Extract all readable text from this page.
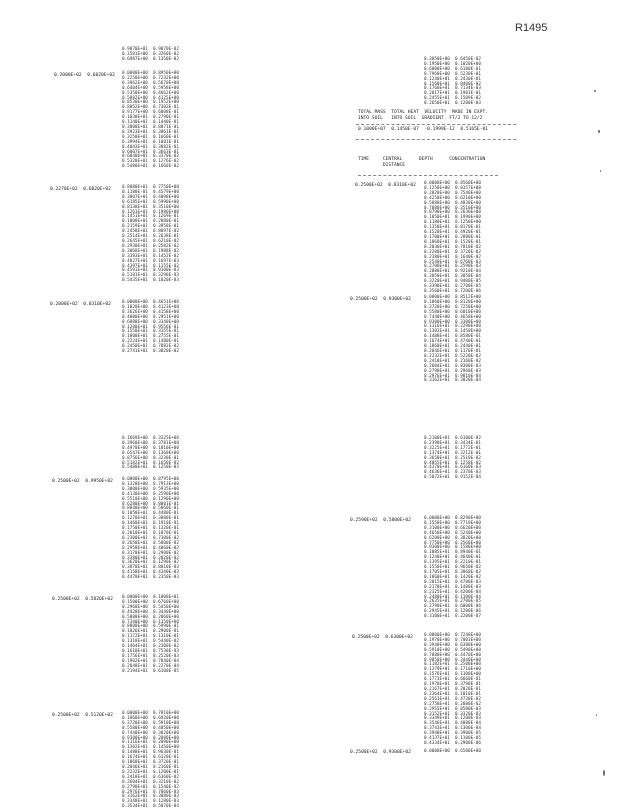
R1495
TOTAL MASS  TOTAL HEAT  VELOCITY  MADE IN EXPT.
INTO SOIL   INTO SOIL  GRADIENT  FT/2 TO 12/2
0.1000E+07  0.1450E-07  -0.1999E-12  0.5165E-01
TIME     CENTRAL      DEPTH      CONCENTRATION
DISTANCE
0.9870E+01  0.9070E-02
0.3501E+00  0.3260E-02
0.6987E+00  0.1350E-02
0.2000E+02  0.6020E+02 0.0000E+00  0.8950E+00
0.2250E+00  0.7232E+00
0.3962E+00  0.5670E+00
0.6404E+00  0.5958E+00
0.5358E+00  0.4662E+00
0.5882E+00  0.4125E+00
0.8530E+00  0.1952E+00
0.8852E+00  0.7302E-01
0.9177E+00  0.6008E-01
0.1030E+01  0.2790E-01
0.1140E+01  0.1440E-01
0.3800E+01  0.8071E-01
0.3923E+01  0.3861E-01
0.3250E+01  0.1660E-01
0.3994E+01  0.1081E-01
0.4043E+01  0.3882E-01
0.6007E+01  0.3663E-01
0.6040E+01  0.3370E-02
0.5320E+01  0.1276E-02
0.5480E+01  0.1660E-02
0.2270E+02  0.6020E+02	0.8880E+01  0.7750E+00
0.1180E-01  0.4579E+00
0.3807E+01  0.4098E+00
0.6185E+01  0.5990E+00
0.8138E+01  0.3510E+00
0.1261E+01  0.1980E+00
0.1451E+01  0.1269E-01
0.1808E+01  0.2880E-01
0.2159E+01  0.3958E-01
0.2458E+01  0.8097E-02
0.2514E+01  0.2638E-01
0.2645E+01  0.6210E-02
0.2930E+01  0.2582E-02
0.3068E+01  0.1988E-02
0.3383E+01  0.1452E-02
0.4027E+01  0.1697E-03
0.4397E+01  0.1155E-02
0.4591E+01  0.9100E-03
0.5181E+01  0.3290E-03
0.5435E+01  0.1020E-03
0.2000E+02  0.8310E+02	0.0000E+00  0.4651E+00
0.1820E+00  0.4123E+00
0.3626E+00  0.4158E+00
0.4080E+00  0.2951E+00
0.6888E+00  0.3340E+00
0.1200E+01  0.9556E-01
0.1550E+01  0.3355E-01
0.1800E+01  0.2755E-01
0.2224E+01  0.1480E-01
0.2450E+01  0.7882E-02
0.2741E+01  0.3020E-02
0.3050E+00  0.6450E-02
0.1950E+00  0.1020E+00
0.6000E+00  0.6180E-01
0.7960E+00  0.5230E-01
0.1240E+01  0.2430E-01
0.1560E+01  0.8400E-02
0.1760E+01  0.7134E-03
0.2017E+01  0.1981E-01
0.2455E+01  0.1509E-02
0.2650E+01  0.1200E-03
0.2500E+02  0.8310E+02 0.0000E+00  0.8560E+00
0.1250E+00  0.8357E+00
0.2820E+00  0.7540E+00
0.4250E+00  0.6210E+00
0.5880E+00  0.4830E+00
0.7080E+00  0.3510E+00
0.8790E+00  0.2630E+00
0.1050E+01  0.1990E+00
0.1180E+01  0.1250E+00
0.1350E+01  0.8170E-01
0.1520E+01  0.4920E-01
0.1700E+01  0.2880E-01
0.1860E+01  0.1520E-01
0.2030E+01  0.7810E-02
0.2200E+01  0.3720E-02
0.2380E+01  0.1640E-02
0.2540E+01  0.6760E-03
0.2700E+01  0.2590E-03
0.2880E+01  0.9210E-04
0.3050E+01  0.3050E-04
0.3220E+01  0.9400E-05
0.3390E+01  0.2700E-05
0.3560E+01  0.7200E-06
0.2500E+02  0.9300E+02	0.0000E+00  0.8512E+00
0.1860E+00  0.8120E+00
0.3720E+00  0.7250E+00
0.5580E+00  0.6010E+00
0.7440E+00  0.4650E+00
0.9300E+00  0.3380E+00
0.1116E+01  0.2290E+00
0.1302E+01  0.1450E+00
0.1488E+01  0.8580E-01
0.1674E+01  0.4740E-01
0.1860E+01  0.2440E-01
0.2046E+01  0.1170E-01
0.2232E+01  0.5220E-02
0.2418E+01  0.2160E-02
0.2604E+01  0.8300E-03
0.2790E+01  0.2960E-03
0.2976E+01  0.9810E-04
0.3162E+01  0.3020E-04
0.1669E+00  0.3325E+00
0.3960E+00  0.3781E+00
0.4970E+00  0.1810E+00
0.6547E+00  0.1360E+00
0.8756E+00  0.3230E-01
0.5182E+01  0.1650E-02
0.5480E+01  0.1250E-03
0.2500E+02  0.9950E+02 0.0000E+00  0.8795E+00
0.1320E+00  0.7913E+00
0.3000E+00  0.5935E+00
0.4130E+00  0.2590E+00
0.5510E+00  0.1290E+00
0.6280E+00  0.8001E-01
0.8840E+00  0.5060E-01
0.1050E+01  0.4480E-01
0.1270E+01  0.3080E-01
0.1460E+01  0.1910E-01
0.1750E+01  0.1320E-01
0.2010E+01  0.1070E-01
0.2300E+01  0.7300E-02
0.2650E+01  0.5800E-02
0.2950E+01  0.4060E-02
0.3170E+01  0.2900E-02
0.3380E+01  0.2020E-02
0.3620E+01  0.1290E-02
0.3870E+01  0.8010E-03
0.4150E+01  0.4340E-03
0.4470E+01  0.2350E-03
0.2500E+02  0.5820E+02 0.0000E+00  0.1000E+01
0.1500E+00  0.6760E+00
0.2960E+00  0.5450E+00
0.4420E+00  0.3440E+00
0.5880E+00  0.2060E+00
0.7340E+00  0.1150E+00
0.8800E+00  0.5990E-01
0.1026E+01  0.2900E-01
0.1172E+01  0.1310E-01
0.1318E+01  0.5440E-02
0.1464E+01  0.2100E-02
0.1610E+01  0.7530E-03
0.1756E+01  0.2520E-03
0.1902E+01  0.7840E-04
0.2048E+01  0.2270E-04
0.2194E+01  0.6100E-05
0.2500E+02  0.5120E+02 0.0000E+00  0.7810E+00
0.1860E+00  0.6920E+00
0.3720E+00  0.5910E+00
0.5580E+00  0.4850E+00
0.7440E+00  0.3820E+00
0.9300E+00  0.2880E+00
0.1116E+01  0.2090E+00
0.1302E+01  0.1450E+00
0.1488E+01  0.9630E-01
0.1674E+01  0.6120E-01
0.1860E+01  0.3720E-01
0.2046E+01  0.2160E-01
0.2232E+01  0.1200E-01
0.2418E+01  0.6360E-02
0.2604E+01  0.3210E-02
0.2790E+01  0.1540E-02
0.2976E+01  0.7060E-03
0.3162E+01  0.3080E-03
0.3348E+01  0.1280E-03
0.3534E+01  0.5070E-04
0.2100E+01  0.6100E-02
0.2390E+01  0.3434E-01
0.3225E+01  0.1772E-01
0.1374E+01  0.3212E-01
0.3650E+01  0.2510E-02
0.4055E+01  0.1258E-02
0.4370E+01  0.6160E-03
0.4636E+01  0.2370E-03
0.5072E+01  0.9152E-04
0.2590E+02  0.5800E+02	0.0000E+00  0.8290E+00
0.1550E+00  0.7710E+00
0.3100E+00  0.6620E+00
0.4650E+00  0.5240E+00
0.6200E+00  0.3820E+00
0.7750E+00  0.2560E+00
0.9300E+00  0.1580E+00
0.1085E+01  0.8940E-01
0.1240E+01  0.4640E-01
0.1395E+01  0.2210E-01
0.1550E+01  0.9650E-02
0.1705E+01  0.3860E-02
0.1860E+01  0.1420E-02
0.2015E+01  0.4780E-03
0.2170E+01  0.1480E-03
0.2325E+01  0.4200E-04
0.2480E+01  0.1100E-04
0.2635E+01  0.2700E-05
0.2790E+01  0.6000E-06
0.2945E+01  0.1200E-06
0.3100E+01  0.2200E-07
0.2500E+02  0.6300E+02	0.0000E+00  0.7248E+00
0.1970E+00  0.7003E+00
0.3940E+00  0.6380E+00
0.5910E+00  0.5490E+00
0.7880E+00  0.4470E+00
0.9850E+00  0.3440E+00
0.1182E+01  0.2500E+00
0.1379E+01  0.1710E+00
0.1576E+01  0.1100E+00
0.1773E+01  0.6660E-01
0.1970E+01  0.3790E-01
0.2167E+01  0.2020E-01
0.2364E+01  0.1010E-01
0.2561E+01  0.4730E-02
0.2758E+01  0.2080E-02
0.2955E+01  0.8580E-03
0.3152E+01  0.3320E-03
0.3349E+01  0.1200E-03
0.3546E+01  0.4080E-04
0.3743E+01  0.1300E-04
0.3940E+01  0.3900E-05
0.4137E+01  0.1100E-05
0.4334E+01  0.2900E-06
0.2500E+02  0.9300E+02	0.0000E+00  0.6580E+00
